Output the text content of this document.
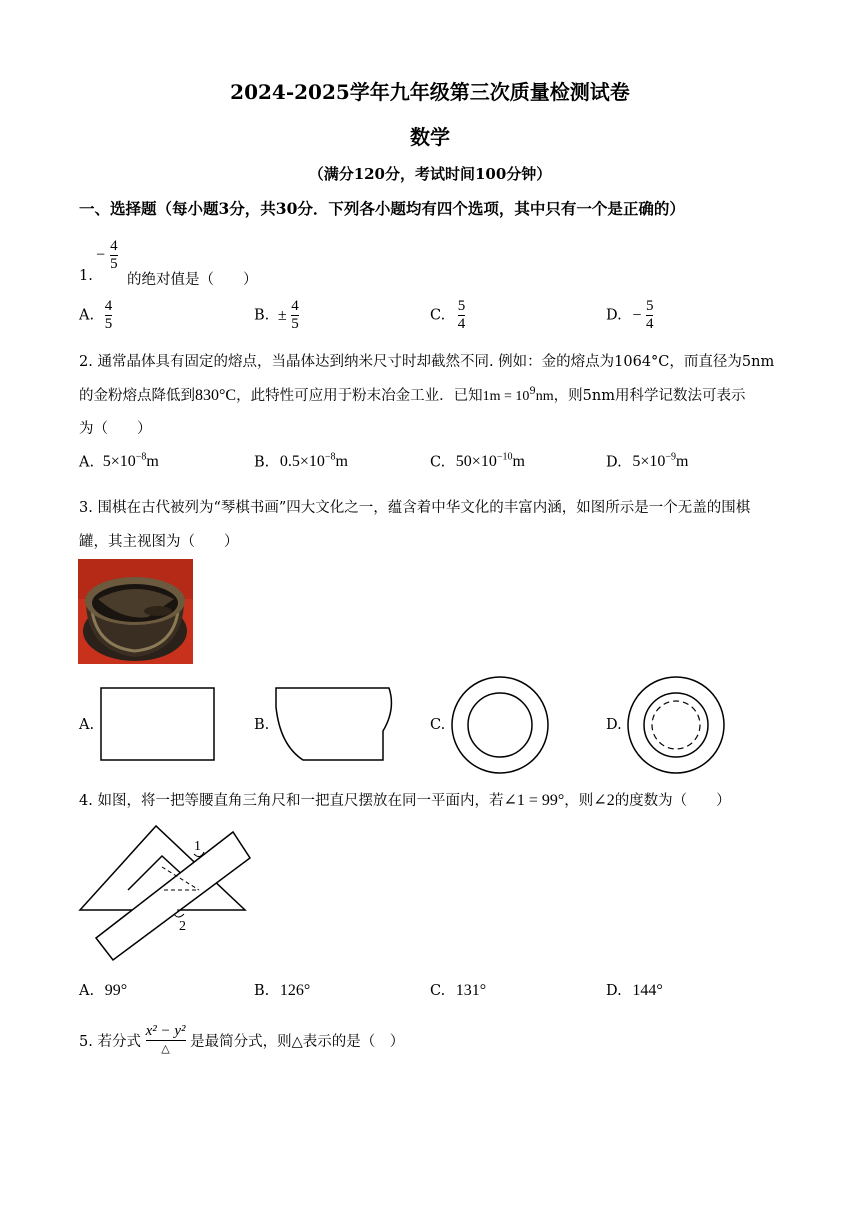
2024-2025学年九年级第三次质量检测试卷
数学
（满分120分，考试时间100分钟）
一、选择题（每小题3分，共30分．下列各小题均有四个选项，其中只有一个是正确的）
− $\frac{4}{5}$
1. 的绝对值是（　　）
A. $\frac{4}{5}$	B. ± $\frac{4}{5}$	C. $\frac{5}{4}$	D. − $\frac{5}{4}$
2. 通常晶体具有固定的熔点，当晶体达到纳米尺寸时却截然不同. 例如：金的熔点为1064°C，而直径为5nm
的金粉熔点降低到830°C，此特性可应用于粉末冶金工业．已知$1m = 10^9nm$，则5nm用科学记数法可表示
为（　　）
A. $5\times 10^{-8}m$	B. $0.5\times 10^{-8}m$	C. $50\times 10^{-10}m$	D. $5\times 10^{-9}m$
3. 围棋在古代被列为“琴棋书画”四大文化之一，蕴含着中华文化的丰富内涵，如图所示是一个无盖的围棋
罐，其主视图为（　　）
A.	B.	C.	D.
4. 如图，将一把等腰直角三角尺和一把直尺摆放在同一平面内，若∠1 = 99°，则∠2的度数为（　　）
1
2
A. 99°	B. 126°	C. 131°	D. 144°
5. 若分式 $\frac{\text{x² − y²}}{\triangle}$ 是最简分式，则△表示的是（　）
